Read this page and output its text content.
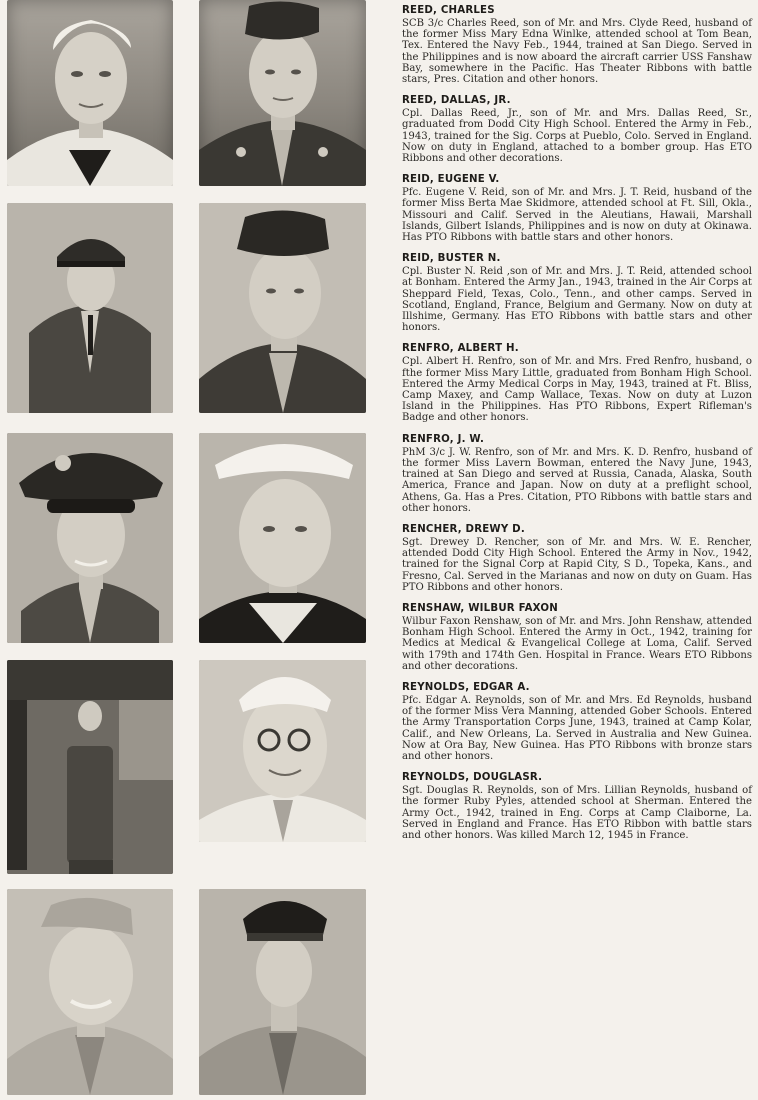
REED, CHARLES

SCB 3/c Charles Reed, son of Mr. and Mrs. Clyde Reed, husband of the former Miss Mary Edna Winlke, attended school at Tom Bean, Tex. Entered the Navy Feb., 1944, trained at San Diego. Served in the Philippines and is now aboard the aircraft carrier USS Fanshaw Bay, somewhere in the Pacific. Has Theater Ribbons with battle stars, Pres. Citation and other honors.

REED, DALLAS, JR.

Cpl. Dallas Reed, Jr., son of Mr. and Mrs. Dallas Reed, Sr., graduated from Dodd City High School. Entered the Army in Feb., 1943, trained for the Sig. Corps at Pueblo, Colo. Served in England. Now on duty in England, attached to a bomber group. Has ETO Ribbons and other decorations.

REID, EUGENE V.

Pfc. Eugene V. Reid, son of Mr. and Mrs. J. T. Reid, husband of the former Miss Berta Mae Skidmore, attended school at Ft. Sill, Okla., Missouri and Calif. Served in the Aleutians, Hawaii, Marshall Islands, Gilbert Islands, Philippines and is now on duty at Okinawa. Has PTO Ribbons with battle stars and other honors.

REID, BUSTER N.

Cpl. Buster N. Reid ,son of Mr. and Mrs. J. T. Reid, attended school at Bonham. Entered the Army Jan., 1943, trained in the Air Corps at Sheppard Field, Texas, Colo., Tenn., and other camps. Served in Scotland, England, France, Belgium and Germany. Now on duty at Illshime, Germany. Has ETO Ribbons with battle stars and other honors.

RENFRO, ALBERT H.

Cpl. Albert H. Renfro, son of Mr. and Mrs. Fred Renfro, husband, o fthe former Miss Mary Little, graduated from Bonham High School. Entered the Army Medical Corps in May, 1943, trained at Ft. Bliss, Camp Maxey, and Camp Wallace, Texas. Now on duty at Luzon Island in the Philippines. Has PTO Ribbons, Expert Rifleman's Badge and other honors.

RENFRO, J. W.

PhM 3/c J. W. Renfro, son of Mr. and Mrs. K. D. Renfro, husband of the former Miss Lavern Bowman, entered the Navy June, 1943, trained at San Diego and served at Russia, Canada, Alaska, South America, France and Japan. Now on duty at a preflight school, Athens, Ga. Has a Pres. Citation, PTO Ribbons with battle stars and other honors.

RENCHER, DREWY D.

Sgt. Drewey D. Rencher, son of Mr. and Mrs. W. E. Rencher, attended Dodd City High School. Entered the Army in Nov., 1942, trained for the Signal Corp at Rapid City, S D., Topeka, Kans., and Fresno, Cal. Served in the Marianas and now on duty on Guam. Has PTO Ribbons and other honors.

RENSHAW, WILBUR FAXON

Wilbur Faxon Renshaw, son of Mr. and Mrs. John Renshaw, attended Bonham High School. Entered the Army in Oct., 1942, training for Medics at Medical & Evangelical College at Loma, Calif. Served with 179th and 174th Gen. Hospital in France. Wears ETO Ribbons and other decorations.

REYNOLDS, EDGAR A.

Pfc. Edgar A. Reynolds, son of Mr. and Mrs. Ed Reynolds, husband of the former Miss Vera Manning, attended Gober Schools. Entered the Army Transportation Corps June, 1943, trained at Camp Kolar, Calif., and New Orleans, La. Served in Australia and New Guinea. Now at Ora Bay, New Guinea. Has PTO Ribbons with bronze stars and other honors.

REYNOLDS, DOUGLASR.

Sgt. Douglas R. Reynolds, son of Mrs. Lillian Reynolds, husband of the former Ruby Pyles, attended school at Sherman. Entered the Army Oct., 1942, trained in Eng. Corps at Camp Claiborne, La. Served in England and France. Has ETO Ribbon with battle stars and other honors. Was killed March 12, 1945 in France.
